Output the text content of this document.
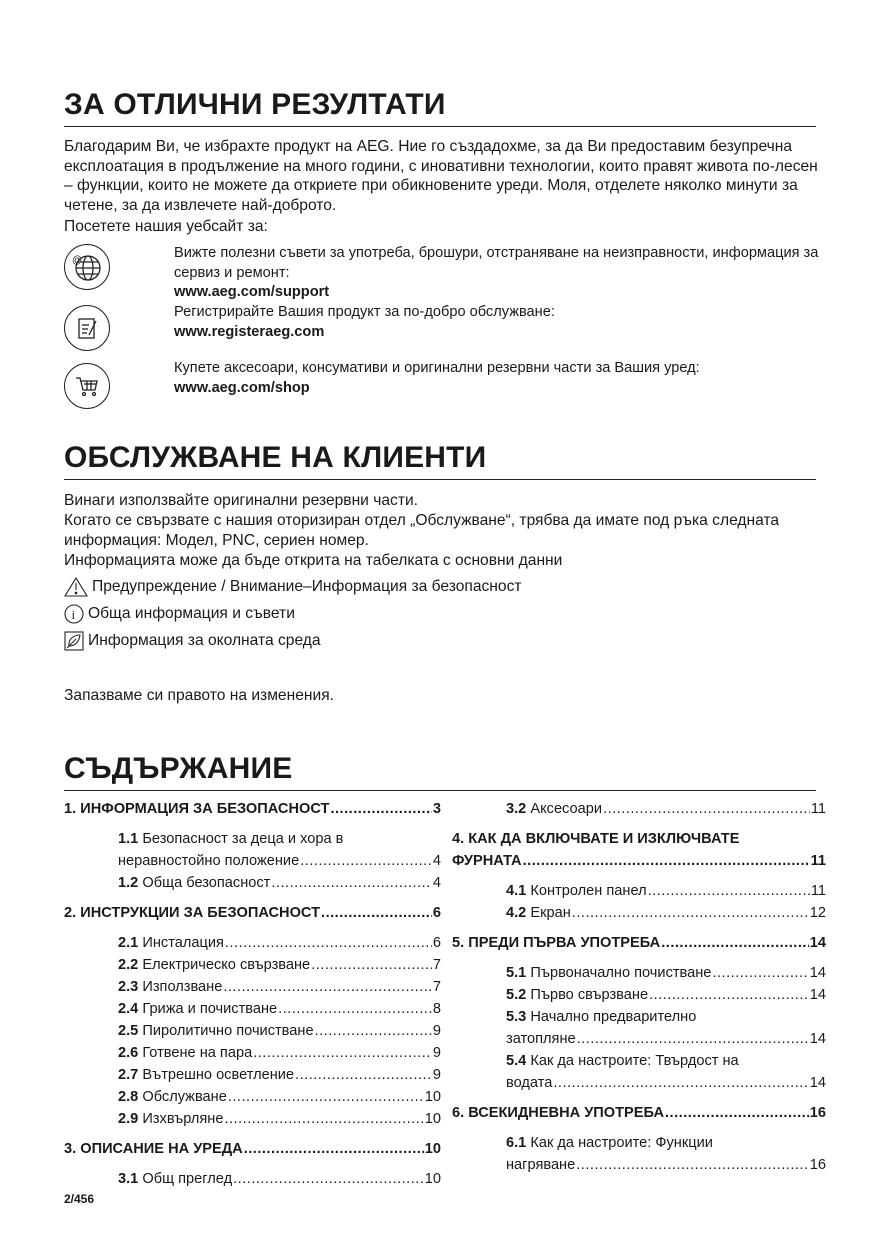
ЗА ОТЛИЧНИ РЕЗУЛТАТИ
Благодарим Ви, че избрахте продукт на AEG. Ние го създадохме, за да Ви предоставим безупречна експлоатация в продължение на много години, с иновативни технологии, които правят живота по-лесен – функции, които не можете да откриете при обикновените уреди. Моля, отделете няколко минути за четене, за да извлечете най-доброто.
Посетете нашия уебсайт за:
@	Вижте полезни съвети за употреба, брошури, отстраняване на неизправности, информация за сервиз и ремонт:
www.aeg.com/support
Регистрирайте Вашия продукт за по-добро обслужване:
www.registeraeg.com
Купете аксесоари, консумативи и оригинални резервни части за Вашия уред:
www.aeg.com/shop
ОБСЛУЖВАНЕ НА КЛИЕНТИ
Винаги използвайте оригинални резервни части.
Когато се свързвате с нашия оторизиран отдел „Обслужване“, трябва да имате под ръка следната информация: Модел, PNC, сериен номер.
Информацията може да бъде открита на табелката с основни данни
Предупреждение / Внимание–Информация за безопасност
i Обща информация и съвети
Информация за околната среда
Запазваме си правото на изменения.
СЪДЪРЖАНИЕ
1. ИНФОРМАЦИЯ ЗА БЕЗОПАСНОСТ .....	3
1.1 Безопасност за деца и хора в
неравностойно положение .....	4
1.2 Обща безопасност .....	4
2. ИНСТРУКЦИИ ЗА БЕЗОПАСНОСТ .....	6
2.1 Инсталация .....	6
2.2 Електрическо свързване .....	7
2.3 Използване .....	7
2.4 Грижа и почистване .....	8
2.5 Пиролитично почистване .....	9
2.6 Готвене на пара .....	9
2.7 Вътрешно осветление .....	9
2.8 Обслужване .....	10
2.9 Изхвърляне .....	10
3. ОПИСАНИЕ НА УРЕДА .....	10
3.1 Общ преглед .....	10
3.2 Аксесоари .....	11
4. КАК ДА ВКЛЮЧВАТЕ И ИЗКЛЮЧВАТЕ
ФУРНАТА .....	11
4.1 Контролен панел .....	11
4.2 Екран .....	12
5. ПРЕДИ ПЪРВА УПОТРЕБА .....	14
5.1 Първоначално почистване .....	14
5.2 Първо свързване .....	14
5.3 Начално предварително
затопляне .....	14
5.4 Как да настроите: Твърдост на
водата .....	14
6. ВСЕКИДНЕВНА УПОТРЕБА .....	16
6.1 Как да настроите: Функции
нагряване .....	16
2/456
